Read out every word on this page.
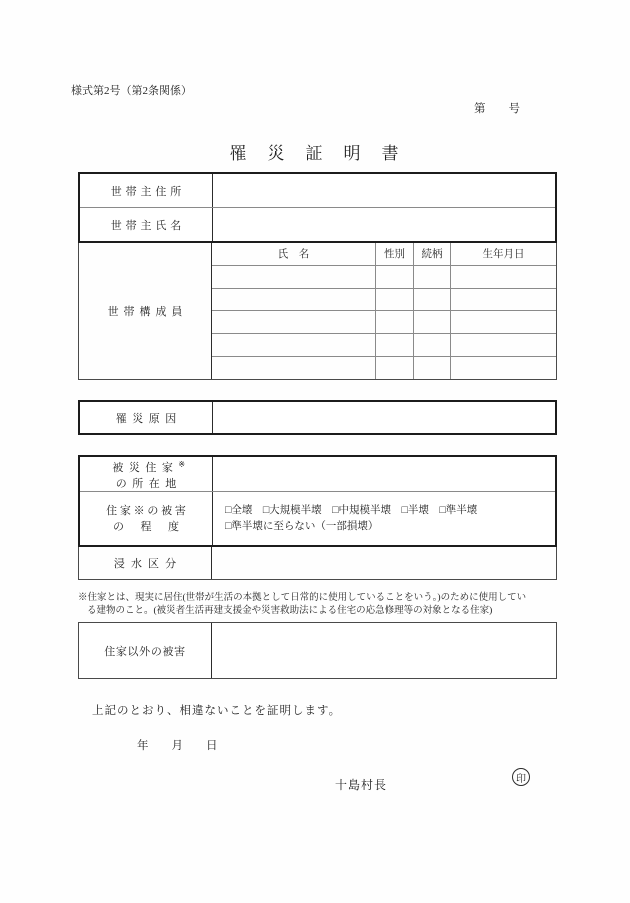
様式第2号（第2条関係）
第　　号
罹　災　証　明　書
世帯主住所
世帯主氏名
世帯構成員
氏　名	性別	続柄	生年月日
罹災原因
被災住家※
の所在地
住家※の被害
の　程　度
□全壊　□大規模半壊　□中規模半壊　□半壊　□準半壊
□準半壊に至らない（一部損壊）
浸水区分
※住家とは、現実に居住(世帯が生活の本拠として日常的に使用していることをいう。)のために使用してい
る建物のこと。(被災者生活再建支援金や災害救助法による住宅の応急修理等の対象となる住家)
住家以外の被害
上記のとおり、相違ないことを証明します。
年　　月　　日
十島村長	印
